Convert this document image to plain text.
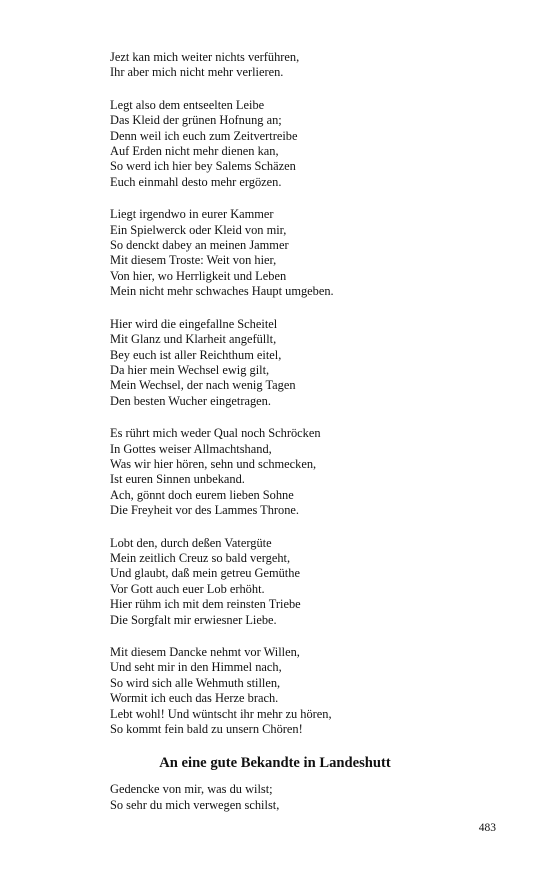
Jezt kan mich weiter nichts verführen,
Ihr aber mich nicht mehr verlieren.
Legt also dem entseelten Leibe
Das Kleid der grünen Hofnung an;
Denn weil ich euch zum Zeitvertreibe
Auf Erden nicht mehr dienen kan,
So werd ich hier bey Salems Schäzen
Euch einmahl desto mehr ergözen.
Liegt irgendwo in eurer Kammer
Ein Spielwerck oder Kleid von mir,
So denckt dabey an meinen Jammer
Mit diesem Troste: Weit von hier,
Von hier, wo Herrligkeit und Leben
Mein nicht mehr schwaches Haupt umgeben.
Hier wird die eingefallne Scheitel
Mit Glanz und Klarheit angefüllt,
Bey euch ist aller Reichthum eitel,
Da hier mein Wechsel ewig gilt,
Mein Wechsel, der nach wenig Tagen
Den besten Wucher eingetragen.
Es rührt mich weder Qual noch Schröcken
In Gottes weiser Allmachtshand,
Was wir hier hören, sehn und schmecken,
Ist euren Sinnen unbekand.
Ach, gönnt doch eurem lieben Sohne
Die Freyheit vor des Lammes Throne.
Lobt den, durch deßen Vatergüte
Mein zeitlich Creuz so bald vergeht,
Und glaubt, daß mein getreu Gemüthe
Vor Gott auch euer Lob erhöht.
Hier rühm ich mit dem reinsten Triebe
Die Sorgfalt mir erwiesner Liebe.
Mit diesem Dancke nehmt vor Willen,
Und seht mir in den Himmel nach,
So wird sich alle Wehmuth stillen,
Wormit ich euch das Herze brach.
Lebt wohl! Und wüntscht ihr mehr zu hören,
So kommt fein bald zu unsern Chören!
An eine gute Bekandte in Landeshutt
Gedencke von mir, was du wilst;
So sehr du mich verwegen schilst,
483
